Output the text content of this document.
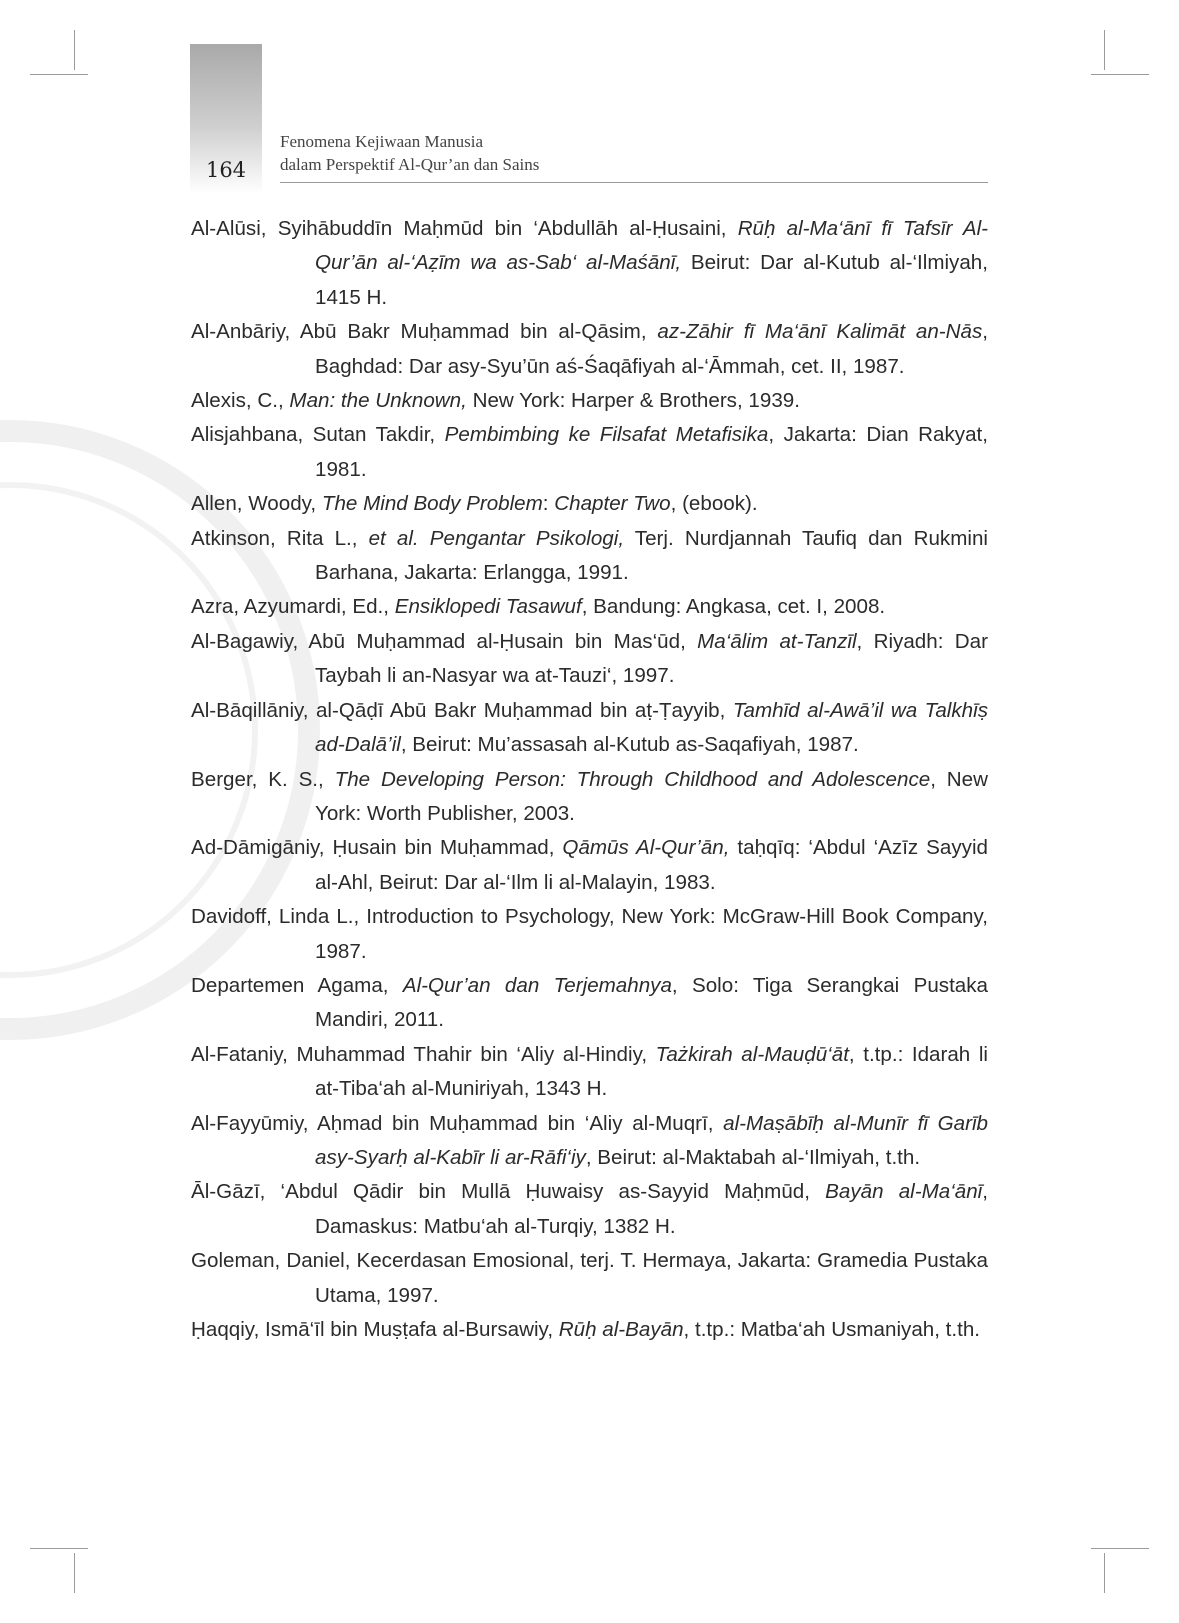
164
Fenomena Kejiwaan Manusia
dalam Perspektif Al-Qur’an dan Sains

Al-Alūsi, Syihābuddīn Maḥmūd bin ‘Abdullāh al-Ḥusaini, Rūḥ al-Ma‘ānī fī Tafsīr Al-Qur’ān al-‘Aẓīm wa as-Sab‘ al-Maśānī, Beirut: Dar al-Kutub al-‘Ilmiyah, 1415 H.

Al-Anbāriy, Abū Bakr Muḥammad bin al-Qāsim, az-Zāhir fī Ma‘ānī Kalimāt an-Nās, Baghdad: Dar asy-Syu’ūn aś-Śaqāfiyah al-‘Āmmah, cet. II, 1987.

Alexis, C., Man: the Unknown, New York: Harper & Brothers, 1939.

Alisjahbana, Sutan Takdir, Pembimbing ke Filsafat Metafisika, Jakarta: Dian Rakyat, 1981.

Allen, Woody, The Mind Body Problem: Chapter Two, (ebook).

Atkinson, Rita L., et al. Pengantar Psikologi, Terj. Nurdjannah Taufiq dan Rukmini Barhana, Jakarta: Erlangga, 1991.

Azra, Azyumardi, Ed., Ensiklopedi Tasawuf, Bandung: Angkasa, cet. I, 2008.

Al-Bagawiy, Abū Muḥammad al-Ḥusain bin Mas‘ūd, Ma‘ālim at-Tanzīl, Riyadh: Dar Taybah li an-Nasyar wa at-Tauzi‘, 1997.

Al-Bāqillāniy, al-Qāḍī Abū Bakr Muḥammad bin aṭ-Ṭayyib, Tamhīd al-Awā’il wa Talkhīṣ ad-Dalā’il, Beirut: Mu’assasah al-Kutub as-Saqafiyah, 1987.

Berger, K. S., The Developing Person: Through Childhood and Adolescence, New York: Worth Publisher, 2003.

Ad-Dāmigāniy, Ḥusain bin Muḥammad, Qāmūs Al-Qur’ān, taḥqīq: ‘Abdul ‘Azīz Sayyid al-Ahl, Beirut: Dar al-‘Ilm li al-Malayin, 1983.

Davidoff, Linda L., Introduction to Psychology, New York: McGraw-Hill Book Company, 1987.

Departemen Agama, Al-Qur’an dan Terjemahnya, Solo: Tiga Serangkai Pustaka Mandiri, 2011.

Al-Fataniy, Muhammad Thahir bin ‘Aliy al-Hindiy, Tażkirah al-Mauḍū‘āt, t.tp.: Idarah li at-Tiba‘ah al-Muniriyah, 1343 H.

Al-Fayyūmiy, Aḥmad bin Muḥammad bin ‘Aliy al-Muqrī, al-Maṣābīḥ al-Munīr fī Garīb asy-Syarḥ al-Kabīr li ar-Rāfi‘iy, Beirut: al-Maktabah al-‘Ilmiyah, t.th.

Āl-Gāzī, ‘Abdul Qādir bin Mullā Ḥuwaisy as-Sayyid Maḥmūd, Bayān al-Ma‘ānī, Damaskus: Matbu‘ah al-Turqiy, 1382 H.

Goleman, Daniel, Kecerdasan Emosional, terj. T. Hermaya, Jakarta: Gramedia Pustaka Utama, 1997.

Ḥaqqiy, Ismā‘īl bin Muṣṭafa al-Bursawiy, Rūḥ al-Bayān, t.tp.: Matba‘ah Usmaniyah, t.th.
